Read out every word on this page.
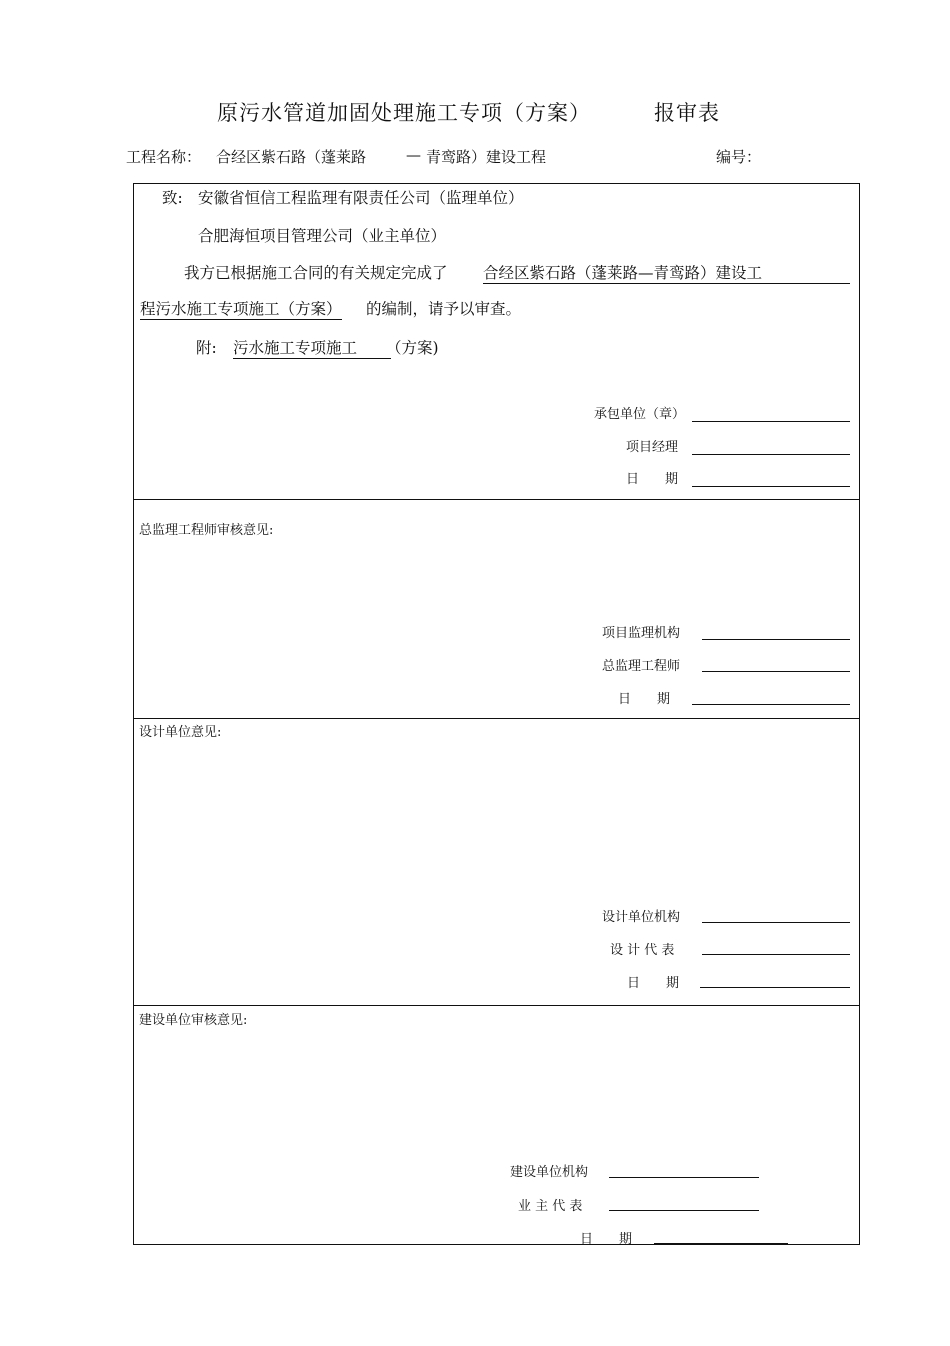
原污水管道加固处理施工专项（方案）	报审表
工程名称： 合经区紫石路（蓬莱路	— 青鸾路）建设工程	编号：
致: 安徽省恒信工程监理有限责任公司（监理单位）
合肥海恒项目管理公司（业主单位）
我方已根据施工合同的有关规定完成了 合经区紫石路（蓬莱路—青鸾路）建设工
程污水施工专项施工（方案） 的编制，请予以审查。
附: 污水施工专项施工	（方案)
承包单位（章）
项目经理
日　　期
总监理工程师审核意见:
项目监理机构
总监理工程师
日　　期
设计单位意见:
设计单位机构
设 计 代 表
日　　期
建设单位审核意见:
建设单位机构
业 主 代 表
日　　期
